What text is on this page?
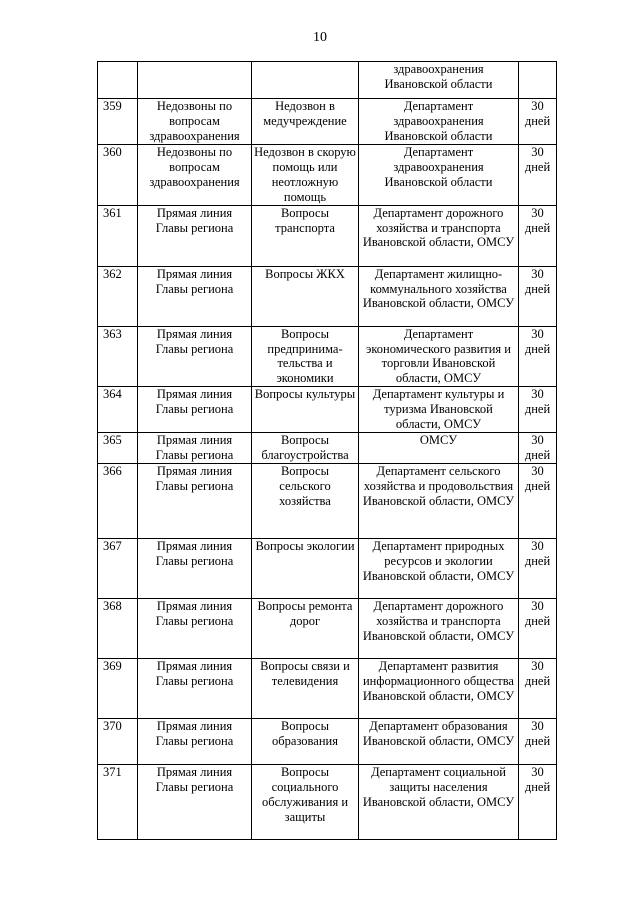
10
			здравоохранения Ивановской области	
359	Недозвоны по вопросам здравоохранения	Недозвон в медучреждение	Департамент здравоохранения Ивановской области	30 дней
360	Недозвоны по вопросам здравоохранения	Недозвон в скорую помощь или неотложную помощь	Департамент здравоохранения Ивановской области	30 дней
361	Прямая линия Главы региона	Вопросы транспорта	Департамент дорожного хозяйства и транспорта Ивановской области, ОМСУ	30 дней
362	Прямая линия Главы региона	Вопросы ЖКХ	Департамент жилищно-коммунального хозяйства Ивановской области, ОМСУ	30 дней
363	Прямая линия Главы региона	Вопросы предпринима-тельства и экономики	Департамент экономического развития и торговли Ивановской области, ОМСУ	30 дней
364	Прямая линия Главы региона	Вопросы культуры	Департамент культуры и туризма Ивановской области, ОМСУ	30 дней
365	Прямая линия Главы региона	Вопросы благоустройства	ОМСУ	30 дней
366	Прямая линия Главы региона	Вопросы сельского хозяйства	Департамент сельского хозяйства и продовольствия Ивановской области, ОМСУ	30 дней
367	Прямая линия Главы региона	Вопросы экологии	Департамент природных ресурсов и экологии Ивановской области, ОМСУ	30 дней
368	Прямая линия Главы региона	Вопросы ремонта дорог	Департамент дорожного хозяйства и транспорта Ивановской области, ОМСУ	30 дней
369	Прямая линия Главы региона	Вопросы связи и телевидения	Департамент развития информационного общества Ивановской области, ОМСУ	30 дней
370	Прямая линия Главы региона	Вопросы образования	Департамент образования Ивановской области, ОМСУ	30 дней
371	Прямая линия Главы региона	Вопросы социального обслуживания и защиты	Департамент социальной защиты населения Ивановской области, ОМСУ	30 дней
